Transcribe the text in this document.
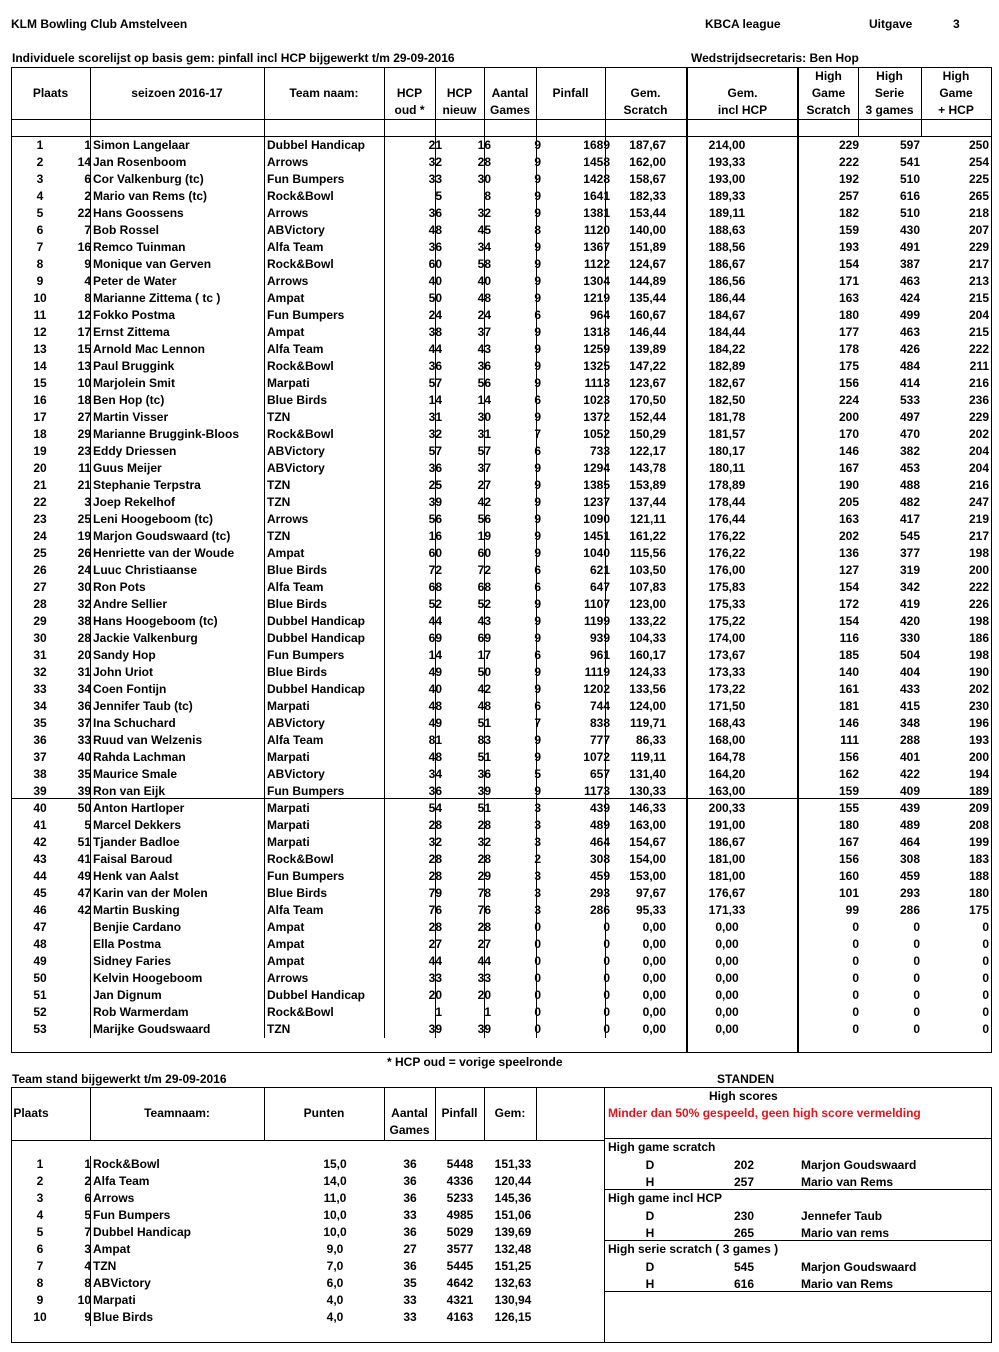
KLM Bowling Club Amstelveen	KBCA league	Uitgave	3
Individuele scorelijst op basis gem: pinfall incl HCP bijgewerkt t/m 29-09-2016	Wedstrijdsecretaris: Ben Hop
Plaats	seizoen 2016-17	Team naam:	HCP
oud *
HCP
nieuw
Aantal
Games
Pinfall	Gem.
Scratch
Gem.
incl HCP
High
Game
Scratch
High
Serie
3 games
High
Game
+ HCP
1	1 Simon Langelaar	Dubbel Handicap	21	16	9	1689	187,67	214,00	229	597	250
2	14 Jan Rosenboom	Arrows	32	28	9	1458	162,00	193,33	222	541	254
3	6 Cor Valkenburg (tc)	Fun Bumpers	33	30	9	1428	158,67	193,00	192	510	225
4	2 Mario van Rems (tc)	Rock&Bowl	5	8	9	1641	182,33	189,33	257	616	265
5	22 Hans Goossens	Arrows	36	32	9	1381	153,44	189,11	182	510	218
6	7 Bob Rossel	ABVictory	48	45	8	1120	140,00	188,63	159	430	207
7	16 Remco Tuinman	Alfa Team	36	34	9	1367	151,89	188,56	193	491	229
8	9 Monique van Gerven	Rock&Bowl	60	58	9	1122	124,67	186,67	154	387	217
9	4 Peter de Water	Arrows	40	40	9	1304	144,89	186,56	171	463	213
10	8 Marianne Zittema ( tc )	Ampat	50	48	9	1219	135,44	186,44	163	424	215
11	12 Fokko Postma	Fun Bumpers	24	24	6	964	160,67	184,67	180	499	204
12	17 Ernst Zittema	Ampat	38	37	9	1318	146,44	184,44	177	463	215
13	15 Arnold Mac Lennon	Alfa Team	44	43	9	1259	139,89	184,22	178	426	222
14	13 Paul Bruggink	Rock&Bowl	36	36	9	1325	147,22	182,89	175	484	211
15	10 Marjolein Smit	Marpati	57	56	9	1113	123,67	182,67	156	414	216
16	18 Ben Hop (tc)	Blue Birds	14	14	6	1023	170,50	182,50	224	533	236
17	27 Martin Visser	TZN	31	30	9	1372	152,44	181,78	200	497	229
18	29 Marianne Bruggink-Bloos	Rock&Bowl	32	31	7	1052	150,29	181,57	170	470	202
19	23 Eddy Driessen	ABVictory	57	57	6	733	122,17	180,17	146	382	204
20	11 Guus Meijer	ABVictory	36	37	9	1294	143,78	180,11	167	453	204
21	21 Stephanie Terpstra	TZN	25	27	9	1385	153,89	178,89	190	488	216
22	3 Joep Rekelhof	TZN	39	42	9	1237	137,44	178,44	205	482	247
23	25 Leni Hoogeboom (tc)	Arrows	56	56	9	1090	121,11	176,44	163	417	219
24	19 Marjon Goudswaard (tc)	TZN	16	19	9	1451	161,22	176,22	202	545	217
25	26 Henriette van der Woude	Ampat	60	60	9	1040	115,56	176,22	136	377	198
26	24 Luuc Christiaanse	Blue Birds	72	72	6	621	103,50	176,00	127	319	200
27	30 Ron Pots	Alfa Team	68	68	6	647	107,83	175,83	154	342	222
28	32 Andre Sellier	Blue Birds	52	52	9	1107	123,00	175,33	172	419	226
29	38 Hans Hoogeboom (tc)	Dubbel Handicap	44	43	9	1199	133,22	175,22	154	420	198
30	28 Jackie Valkenburg	Dubbel Handicap	69	69	9	939	104,33	174,00	116	330	186
31	20 Sandy Hop	Fun Bumpers	14	17	6	961	160,17	173,67	185	504	198
32	31 John Uriot	Blue Birds	49	50	9	1119	124,33	173,33	140	404	190
33	34 Coen Fontijn	Dubbel Handicap	40	42	9	1202	133,56	173,22	161	433	202
34	36 Jennifer Taub (tc)	Marpati	48	48	6	744	124,00	171,50	181	415	230
35	37 Ina Schuchard	ABVictory	49	51	7	838	119,71	168,43	146	348	196
36	33 Ruud van Welzenis	Alfa Team	81	83	9	777	86,33	168,00	111	288	193
37	40 Rahda Lachman	Marpati	48	51	9	1072	119,11	164,78	156	401	200
38	35 Maurice Smale	ABVictory	34	36	5	657	131,40	164,20	162	422	194
39	39 Ron van Eijk	Fun Bumpers	36	39	9	1173	130,33	163,00	159	409	189
40	50 Anton Hartloper	Marpati	54	51	3	439	146,33	200,33	155	439	209
41	5 Marcel Dekkers	Marpati	28	28	3	489	163,00	191,00	180	489	208
42	51 Tjander Badloe	Marpati	32	32	3	464	154,67	186,67	167	464	199
43	41 Faisal Baroud	Rock&Bowl	28	28	2	308	154,00	181,00	156	308	183
44	49 Henk van Aalst	Fun Bumpers	28	29	3	459	153,00	181,00	160	459	188
45	47 Karin van der Molen	Blue Birds	79	78	3	293	97,67	176,67	101	293	180
46	42 Martin Busking	Alfa Team	76	76	3	286	95,33	171,33	99	286	175
47	Benjie Cardano	Ampat	28	28	0	0	0,00	0,00	0	0	0
48	Ella Postma	Ampat	27	27	0	0	0,00	0,00	0	0	0
49	Sidney Faries	Ampat	44	44	0	0	0,00	0,00	0	0	0
50	Kelvin Hoogeboom	Arrows	33	33	0	0	0,00	0,00	0	0	0
51	Jan Dignum	Dubbel Handicap	20	20	0	0	0,00	0,00	0	0	0
52	Rob Warmerdam	Rock&Bowl	1	1	0	0	0,00	0,00	0	0	0
53	Marijke Goudswaard	TZN	39	39	0	0	0,00	0,00	0	0	0
* HCP oud = vorige speelronde
Team stand bijgewerkt t/m 29-09-2016	STANDEN
Plaats	Teamnaam:	Punten	Aantal
Games
Pinfall	Gem:
1	1 Rock&Bowl	15,0	36	5448	151,33
2	2 Alfa Team	14,0	36	4336	120,44
3	6 Arrows	11,0	36	5233	145,36
4	5 Fun Bumpers	10,0	33	4985	151,06
5	7 Dubbel Handicap	10,0	36	5029	139,69
6	3 Ampat	9,0	27	3577	132,48
7	4 TZN	7,0	36	5445	151,25
8	8 ABVictory	6,0	35	4642	132,63
9	10 Marpati	4,0	33	4321	130,94
10	9 Blue Birds	4,0	33	4163	126,15
High scores
Minder dan 50% gespeeld, geen high score vermelding
High game scratch
D	202	Marjon Goudswaard
H	257	Mario van Rems
High game incl HCP
D	230	Jennefer Taub
H	265	Mario van rems
High serie scratch ( 3 games )
D	545	Marjon Goudswaard
H	616	Mario van Rems
